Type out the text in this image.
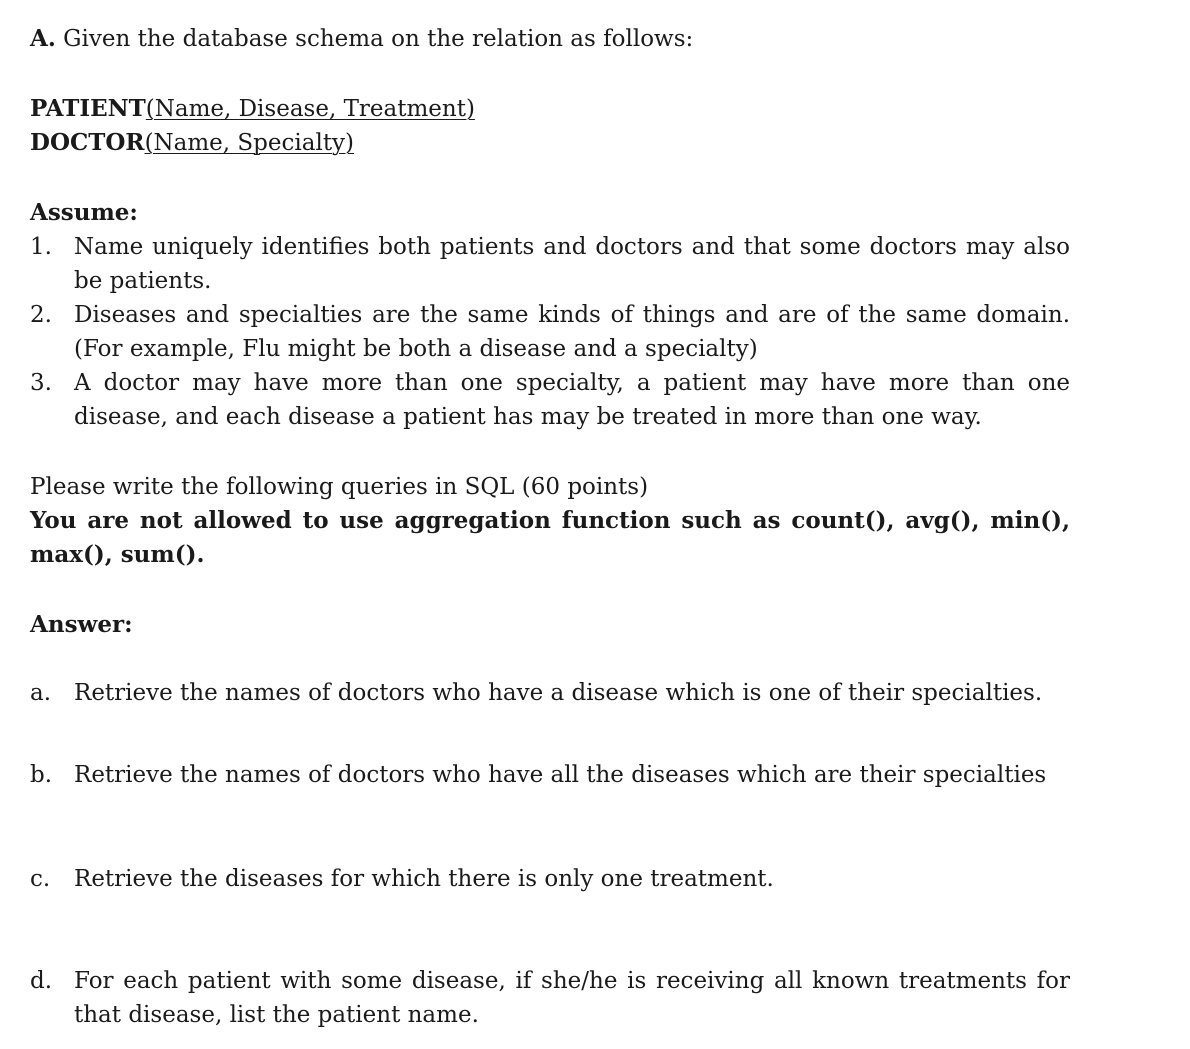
A. Given the database schema on the relation as follows:
PATIENT(Name, Disease, Treatment)
DOCTOR(Name, Specialty)
Assume:
1. Name uniquely identifies both patients and doctors and that some doctors may also be patients.
2. Diseases and specialties are the same kinds of things and are of the same domain. (For example, Flu might be both a disease and a specialty)
3. A doctor may have more than one specialty, a patient may have more than one disease, and each disease a patient has may be treated in more than one way.
Please write the following queries in SQL (60 points)
You are not allowed to use aggregation function such as count(), avg(), min(), max(), sum().
Answer:
a. Retrieve the names of doctors who have a disease which is one of their specialties.
b. Retrieve the names of doctors who have all the diseases which are their specialties
c.	Retrieve the diseases for which there is only one treatment.
d. For each patient with some disease, if she/he is receiving all known treatments for that disease, list the patient name.
